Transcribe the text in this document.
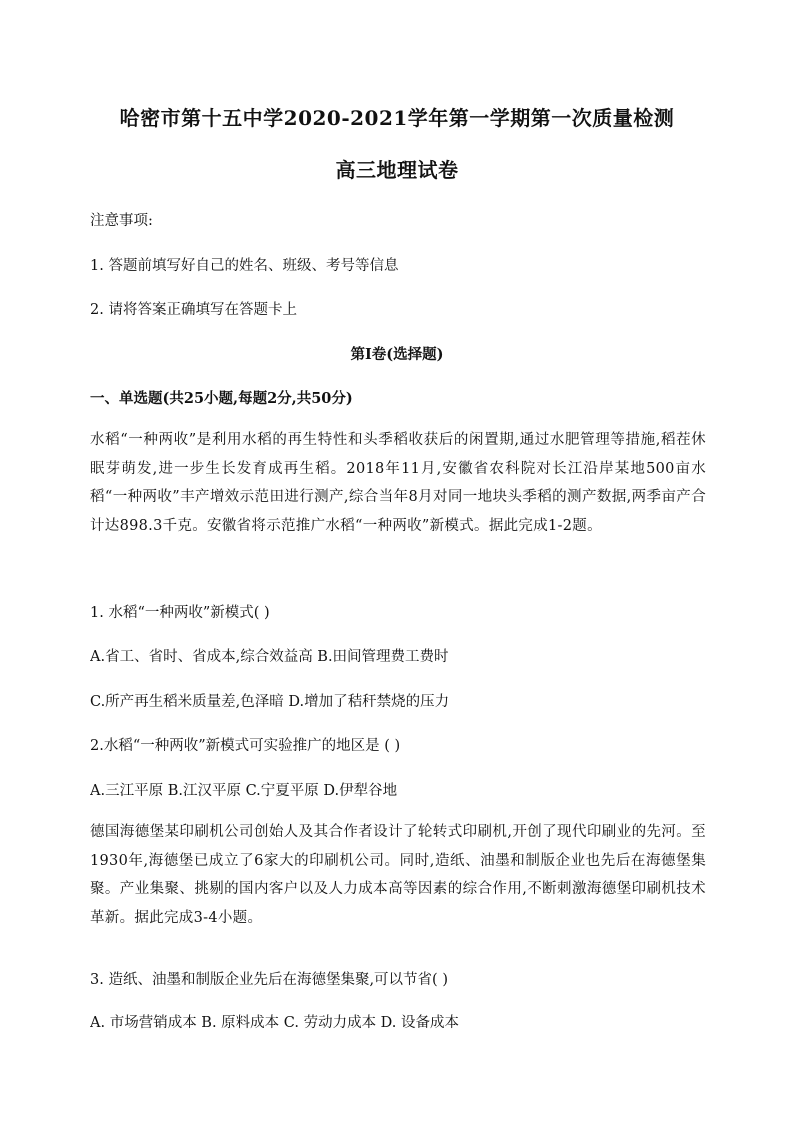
哈密市第十五中学2020-2021学年第一学期第一次质量检测
高三地理试卷
注意事项:
1. 答题前填写好自己的姓名、班级、考号等信息
2. 请将答案正确填写在答题卡上
第I卷(选择题)
一、单选题(共25小题,每题2分,共50分)
水稻“一种两收”是利用水稻的再生特性和头季稻收获后的闲置期,通过水肥管理等措施,稻茬休眠芽萌发,进一步生长发育成再生稻。2018年11月,安徽省农科院对长江沿岸某地500亩水稻“一种两收”丰产增效示范田进行测产,综合当年8月对同一地块头季稻的测产数据,两季亩产合计达898.3千克。安徽省将示范推广水稻“一种两收”新模式。据此完成1-2题。
1. 水稻“一种两收”新模式( )
A.省工、省时、省成本,综合效益高 B.田间管理费工费时
C.所产再生稻米质量差,色泽暗 D.增加了秸秆禁烧的压力
2.水稻“一种两收”新模式可实验推广的地区是 ( )
A.三江平原 B.江汉平原 C.宁夏平原 D.伊犁谷地
德国海德堡某印刷机公司创始人及其合作者设计了轮转式印刷机,开创了现代印刷业的先河。至1930年,海德堡已成立了6家大的印刷机公司。同时,造纸、油墨和制版企业也先后在海德堡集聚。产业集聚、挑剔的国内客户以及人力成本高等因素的综合作用,不断刺激海德堡印刷机技术革新。据此完成3-4小题。
3. 造纸、油墨和制版企业先后在海德堡集聚,可以节省( )
A. 市场营销成本 B. 原料成本 C. 劳动力成本 D. 设备成本
